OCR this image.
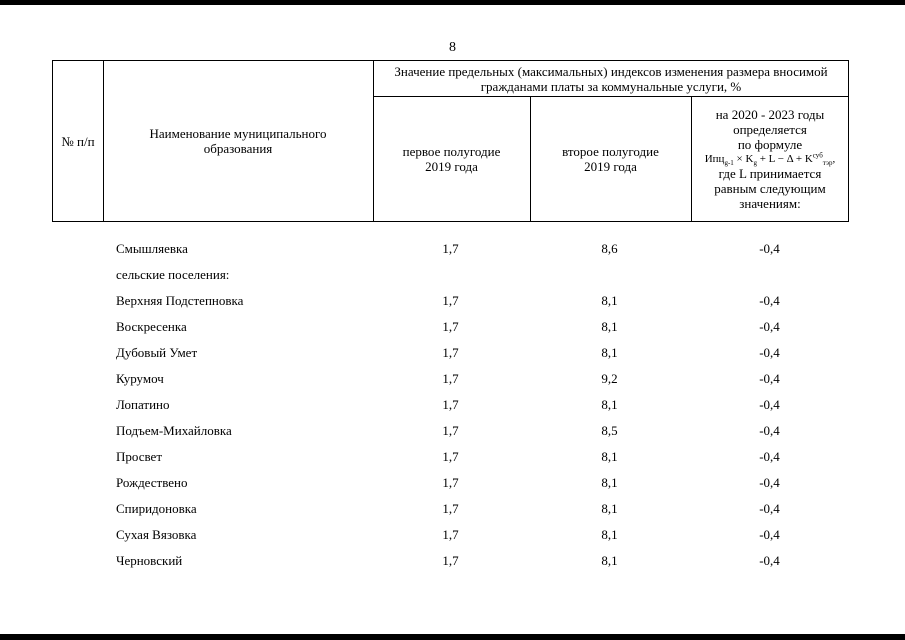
8
№ п/п	Наименование муниципального образования
Значение предельных (максимальных) индексов изменения размера вносимой гражданами платы за коммунальные услуги, %
первое полугодие 2019 года
второе полугодие 2019 года
на 2020 - 2023 годы
определяется
по формуле
$Ипц_{g-1} \times K_g + L - \Delta + K^{суб}_{тэр}$,
где L принимается
равным следующим
значениям:
Смышляевка	1,7	8,6	-0,4
сельские поселения:
Верхняя Подстепновка	1,7	8,1	-0,4
Воскресенка	1,7	8,1	-0,4
Дубовый Умет	1,7	8,1	-0,4
Курумоч	1,7	9,2	-0,4
Лопатино	1,7	8,1	-0,4
Подъем-Михайловка	1,7	8,5	-0,4
Просвет	1,7	8,1	-0,4
Рождествено	1,7	8,1	-0,4
Спиридоновка	1,7	8,1	-0,4
Сухая Вязовка	1,7	8,1	-0,4
Черновский	1,7	8,1	-0,4
